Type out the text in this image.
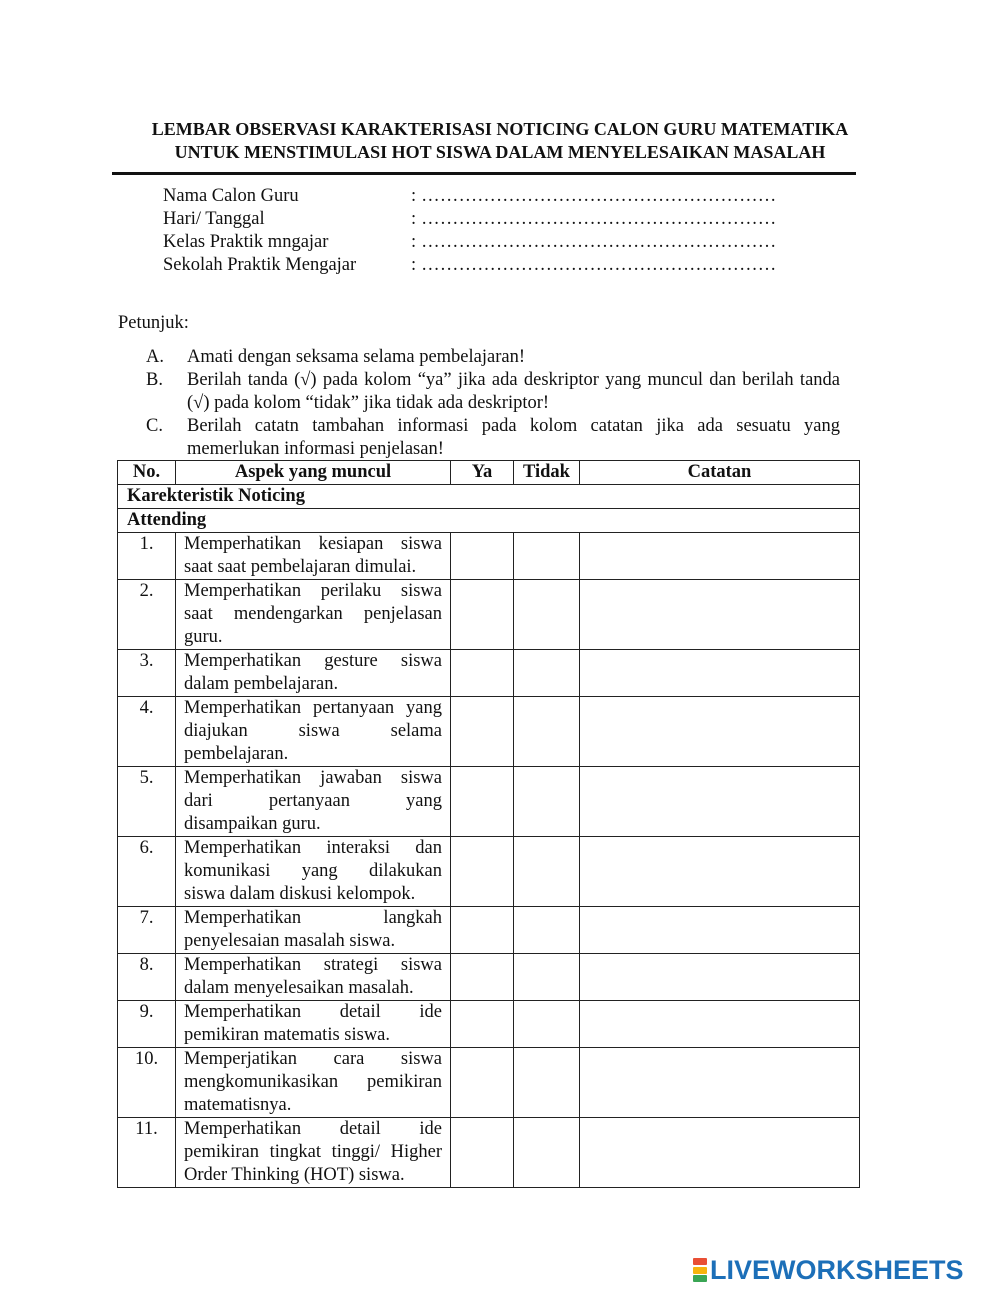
LEMBAR OBSERVASI KARAKTERISASI NOTICING CALON GURU MATEMATIKA
UNTUK MENSTIMULASI HOT SISWA DALAM MENYELESAIKAN MASALAH
Nama Calon Guru	: …………………………………………………
Hari/ Tanggal	: …………………………………………………
Kelas Praktik mngajar	: …………………………………………………
Sekolah Praktik Mengajar	: …………………………………………………
Petunjuk:
A. Amati dengan seksama selama pembelajaran!
B. Berilah tanda (√) pada kolom “ya” jika ada deskriptor yang muncul dan berilah tanda (√) pada kolom “tidak” jika tidak ada deskriptor!
C. Berilah catatn tambahan informasi pada kolom catatan jika ada sesuatu yang memerlukan informasi penjelasan!
No.	Aspek yang muncul	Ya	Tidak	Catatan
Karekteristik Noticing				
Attending				
1.	Memperhatikan kesiapan siswa
saat saat pembelajaran dimulai.			

2.	Memperhatikan perilaku siswa
saat mendengarkan penjelasan
guru.			

3.	Memperhatikan gesture siswa
dalam pembelajaran.			

4.	Memperhatikan pertanyaan yang
diajukan siswa selama
pembelajaran.			

5.	Memperhatikan jawaban siswa
dari pertanyaan yang
disampaikan guru.			

6.	Memperhatikan interaksi dan
komunikasi yang dilakukan
siswa dalam diskusi kelompok.			

7.	Memperhatikan langkah
penyelesaian masalah siswa.			

8.	Memperhatikan strategi siswa
dalam menyelesaikan masalah.			

9.	Memperhatikan detail ide
pemikiran matematis siswa.			

10.	Memperjatikan cara siswa
mengkomunikasikan pemikiran
matematisnya.			

11.	Memperhatikan detail ide
pemikiran tingkat tinggi/ Higher
Order Thinking (HOT) siswa.			

LIVEWORKSHEETS
